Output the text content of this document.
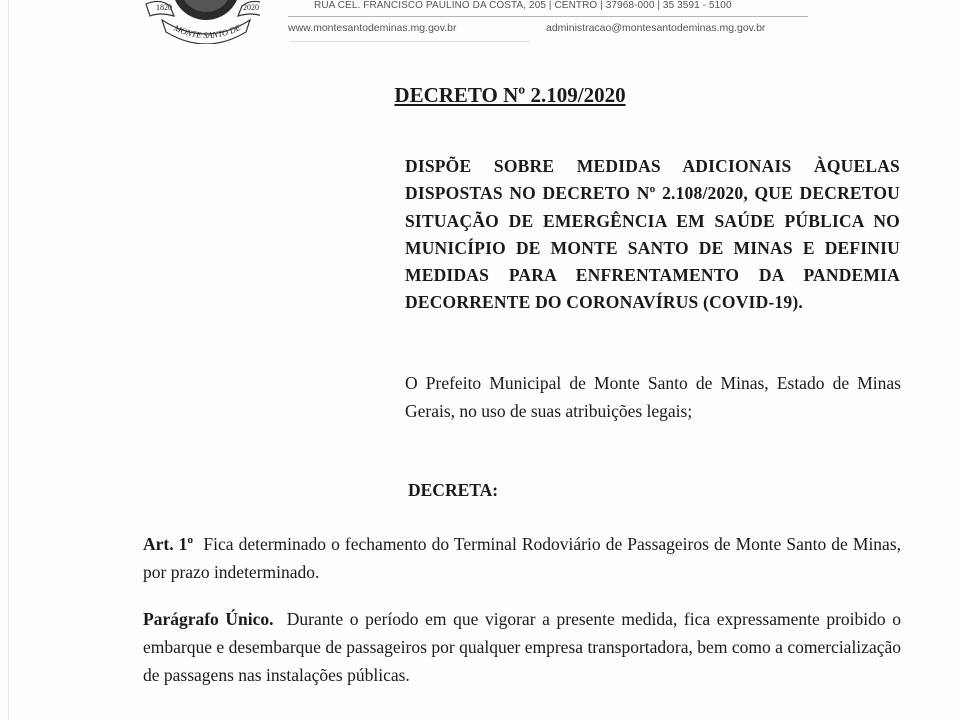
1820	2020
MONTE SANTO DE
RUA CEL. FRANCISCO PAULINO DA COSTA, 205 | CENTRO | 37968-000 | 35 3591 - 5100
www.montesantodeminas.mg.gov.br	administracao@montesantodeminas.mg.gov.br
DECRETO Nº 2.109/2020
DISPÕE SOBRE MEDIDAS ADICIONAIS ÀQUELAS DISPOSTAS NO DECRETO Nº 2.108/2020, QUE DECRETOU SITUAÇÃO DE EMERGÊNCIA EM SAÚDE PÚBLICA NO MUNICÍPIO DE MONTE SANTO DE MINAS E DEFINIU MEDIDAS PARA ENFRENTAMENTO DA PANDEMIA DECORRENTE DO CORONAVÍRUS (COVID-19).
O Prefeito Municipal de Monte Santo de Minas, Estado de Minas Gerais, no uso de suas atribuições legais;
DECRETA:
Art. 1º Fica determinado o fechamento do Terminal Rodoviário de Passageiros de Monte Santo de Minas, por prazo indeterminado.
Parágrafo Único. Durante o período em que vigorar a presente medida, fica expressamente proibido o embarque e desembarque de passageiros por qualquer empresa transportadora, bem como a comercialização de passagens nas instalações públicas.
